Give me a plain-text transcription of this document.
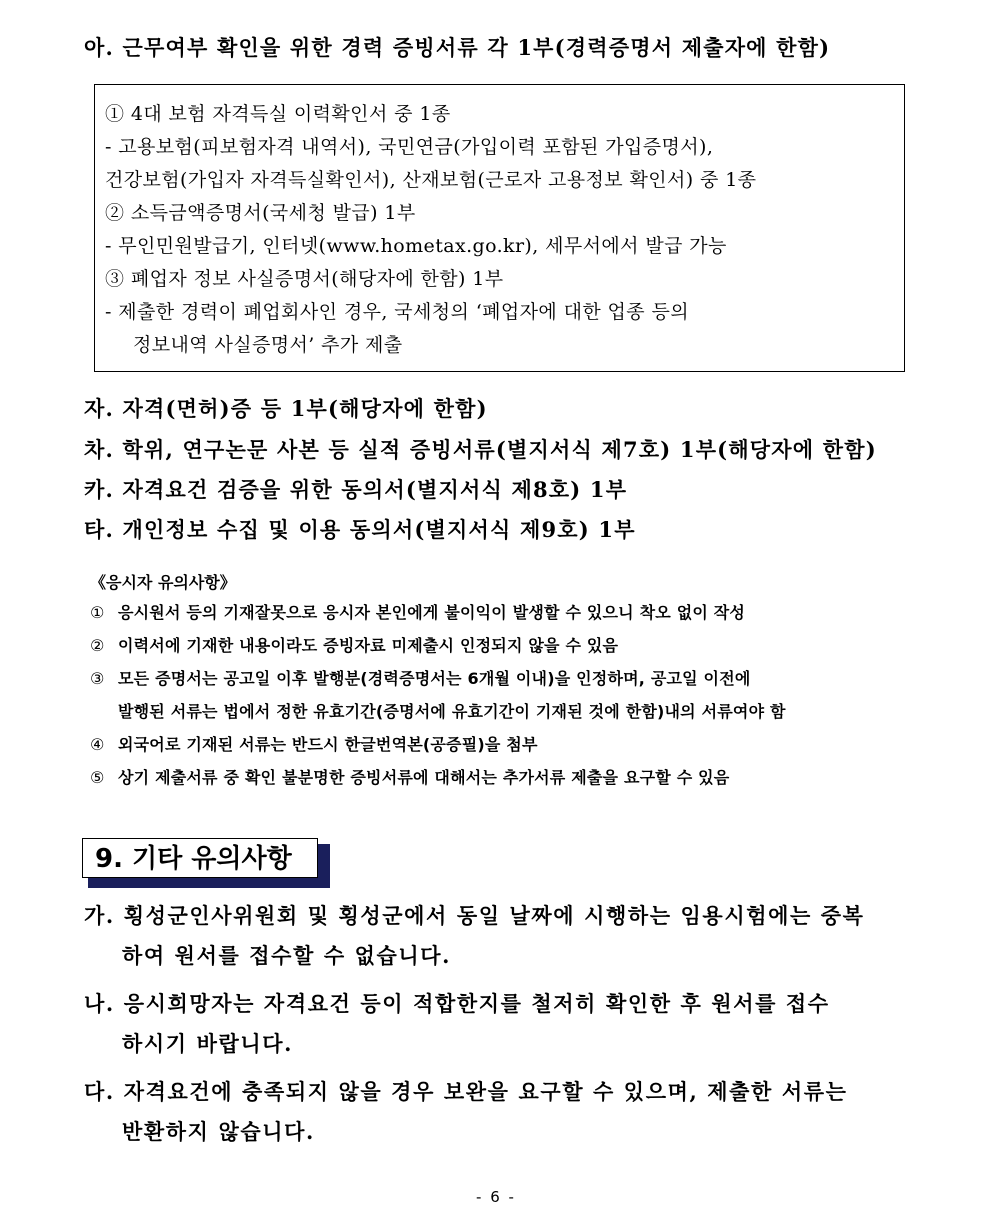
아. 근무여부 확인을 위한 경력 증빙서류 각 1부(경력증명서 제출자에 한함)
① 4대 보험 자격득실 이력확인서 중 1종
- 고용보험(피보험자격 내역서), 국민연금(가입이력 포함된 가입증명서),
건강보험(가입자 자격득실확인서), 산재보험(근로자 고용정보 확인서) 중 1종
② 소득금액증명서(국세청 발급) 1부
- 무인민원발급기, 인터넷(www.hometax.go.kr), 세무서에서 발급 가능
③ 폐업자 정보 사실증명서(해당자에 한함) 1부
- 제출한 경력이 폐업회사인 경우, 국세청의 ‘폐업자에 대한 업종 등의
정보내역 사실증명서’ 추가 제출
자. 자격(면허)증 등 1부(해당자에 한함)
차. 학위, 연구논문 사본 등 실적 증빙서류(별지서식 제7호) 1부(해당자에 한함)
카. 자격요건 검증을 위한 동의서(별지서식 제8호) 1부
타. 개인정보 수집 및 이용 동의서(별지서식 제9호) 1부
《응시자 유의사항》
① 응시원서 등의 기재잘못으로 응시자 본인에게 불이익이 발생할 수 있으니 착오 없이 작성
② 이력서에 기재한 내용이라도 증빙자료 미제출시 인정되지 않을 수 있음
③ 모든 증명서는 공고일 이후 발행분(경력증명서는 6개월 이내)을 인정하며, 공고일 이전에
발행된 서류는 법에서 정한 유효기간(증명서에 유효기간이 기재된 것에 한함)내의 서류여야 함
④ 외국어로 기재된 서류는 반드시 한글번역본(공증필)을 첨부
⑤ 상기 제출서류 중 확인 불분명한 증빙서류에 대해서는 추가서류 제출을 요구할 수 있음
9. 기타 유의사항
가. 횡성군인사위원회 및 횡성군에서 동일 날짜에 시행하는 임용시험에는 중복
하여 원서를 접수할 수 없습니다.
나. 응시희망자는 자격요건 등이 적합한지를 철저히 확인한 후 원서를 접수
하시기 바랍니다.
다. 자격요건에 충족되지 않을 경우 보완을 요구할 수 있으며, 제출한 서류는
반환하지 않습니다.
- 6 -
